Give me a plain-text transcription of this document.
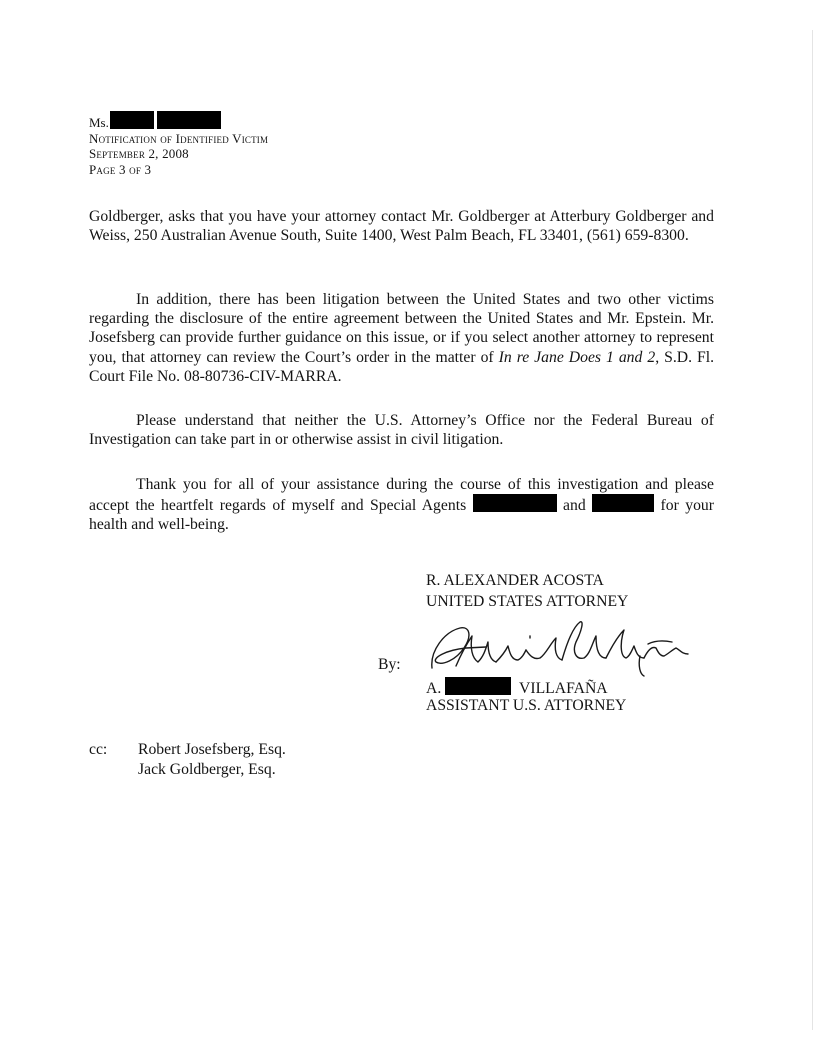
Ms.
Notification of Identified Victim
September 2, 2008
Page 3 of 3

Goldberger, asks that you have your attorney contact Mr. Goldberger at Atterbury Goldberger and Weiss, 250 Australian Avenue South, Suite 1400, West Palm Beach, FL 33401, (561) 659-8300.

In addition, there has been litigation between the United States and two other victims regarding the disclosure of the entire agreement between the United States and Mr. Epstein. Mr. Josefsberg can provide further guidance on this issue, or if you select another attorney to represent you, that attorney can review the Court’s order in the matter of In re Jane Does 1 and 2, S.D. Fl. Court File No. 08-80736-CIV-MARRA.

Please understand that neither the U.S. Attorney’s Office nor the Federal Bureau of Investigation can take part in or otherwise assist in civil litigation.

Thank you for all of your assistance during the course of this investigation and please accept the heartfelt regards of myself and Special Agents	and	for your health and well-being.

R. ALEXANDER ACOSTA
UNITED STATES ATTORNEY
By:
A.	VILLAFAÑA
ASSISTANT U.S. ATTORNEY
cc: Robert Josefsberg, Esq.
Jack Goldberger, Esq.
